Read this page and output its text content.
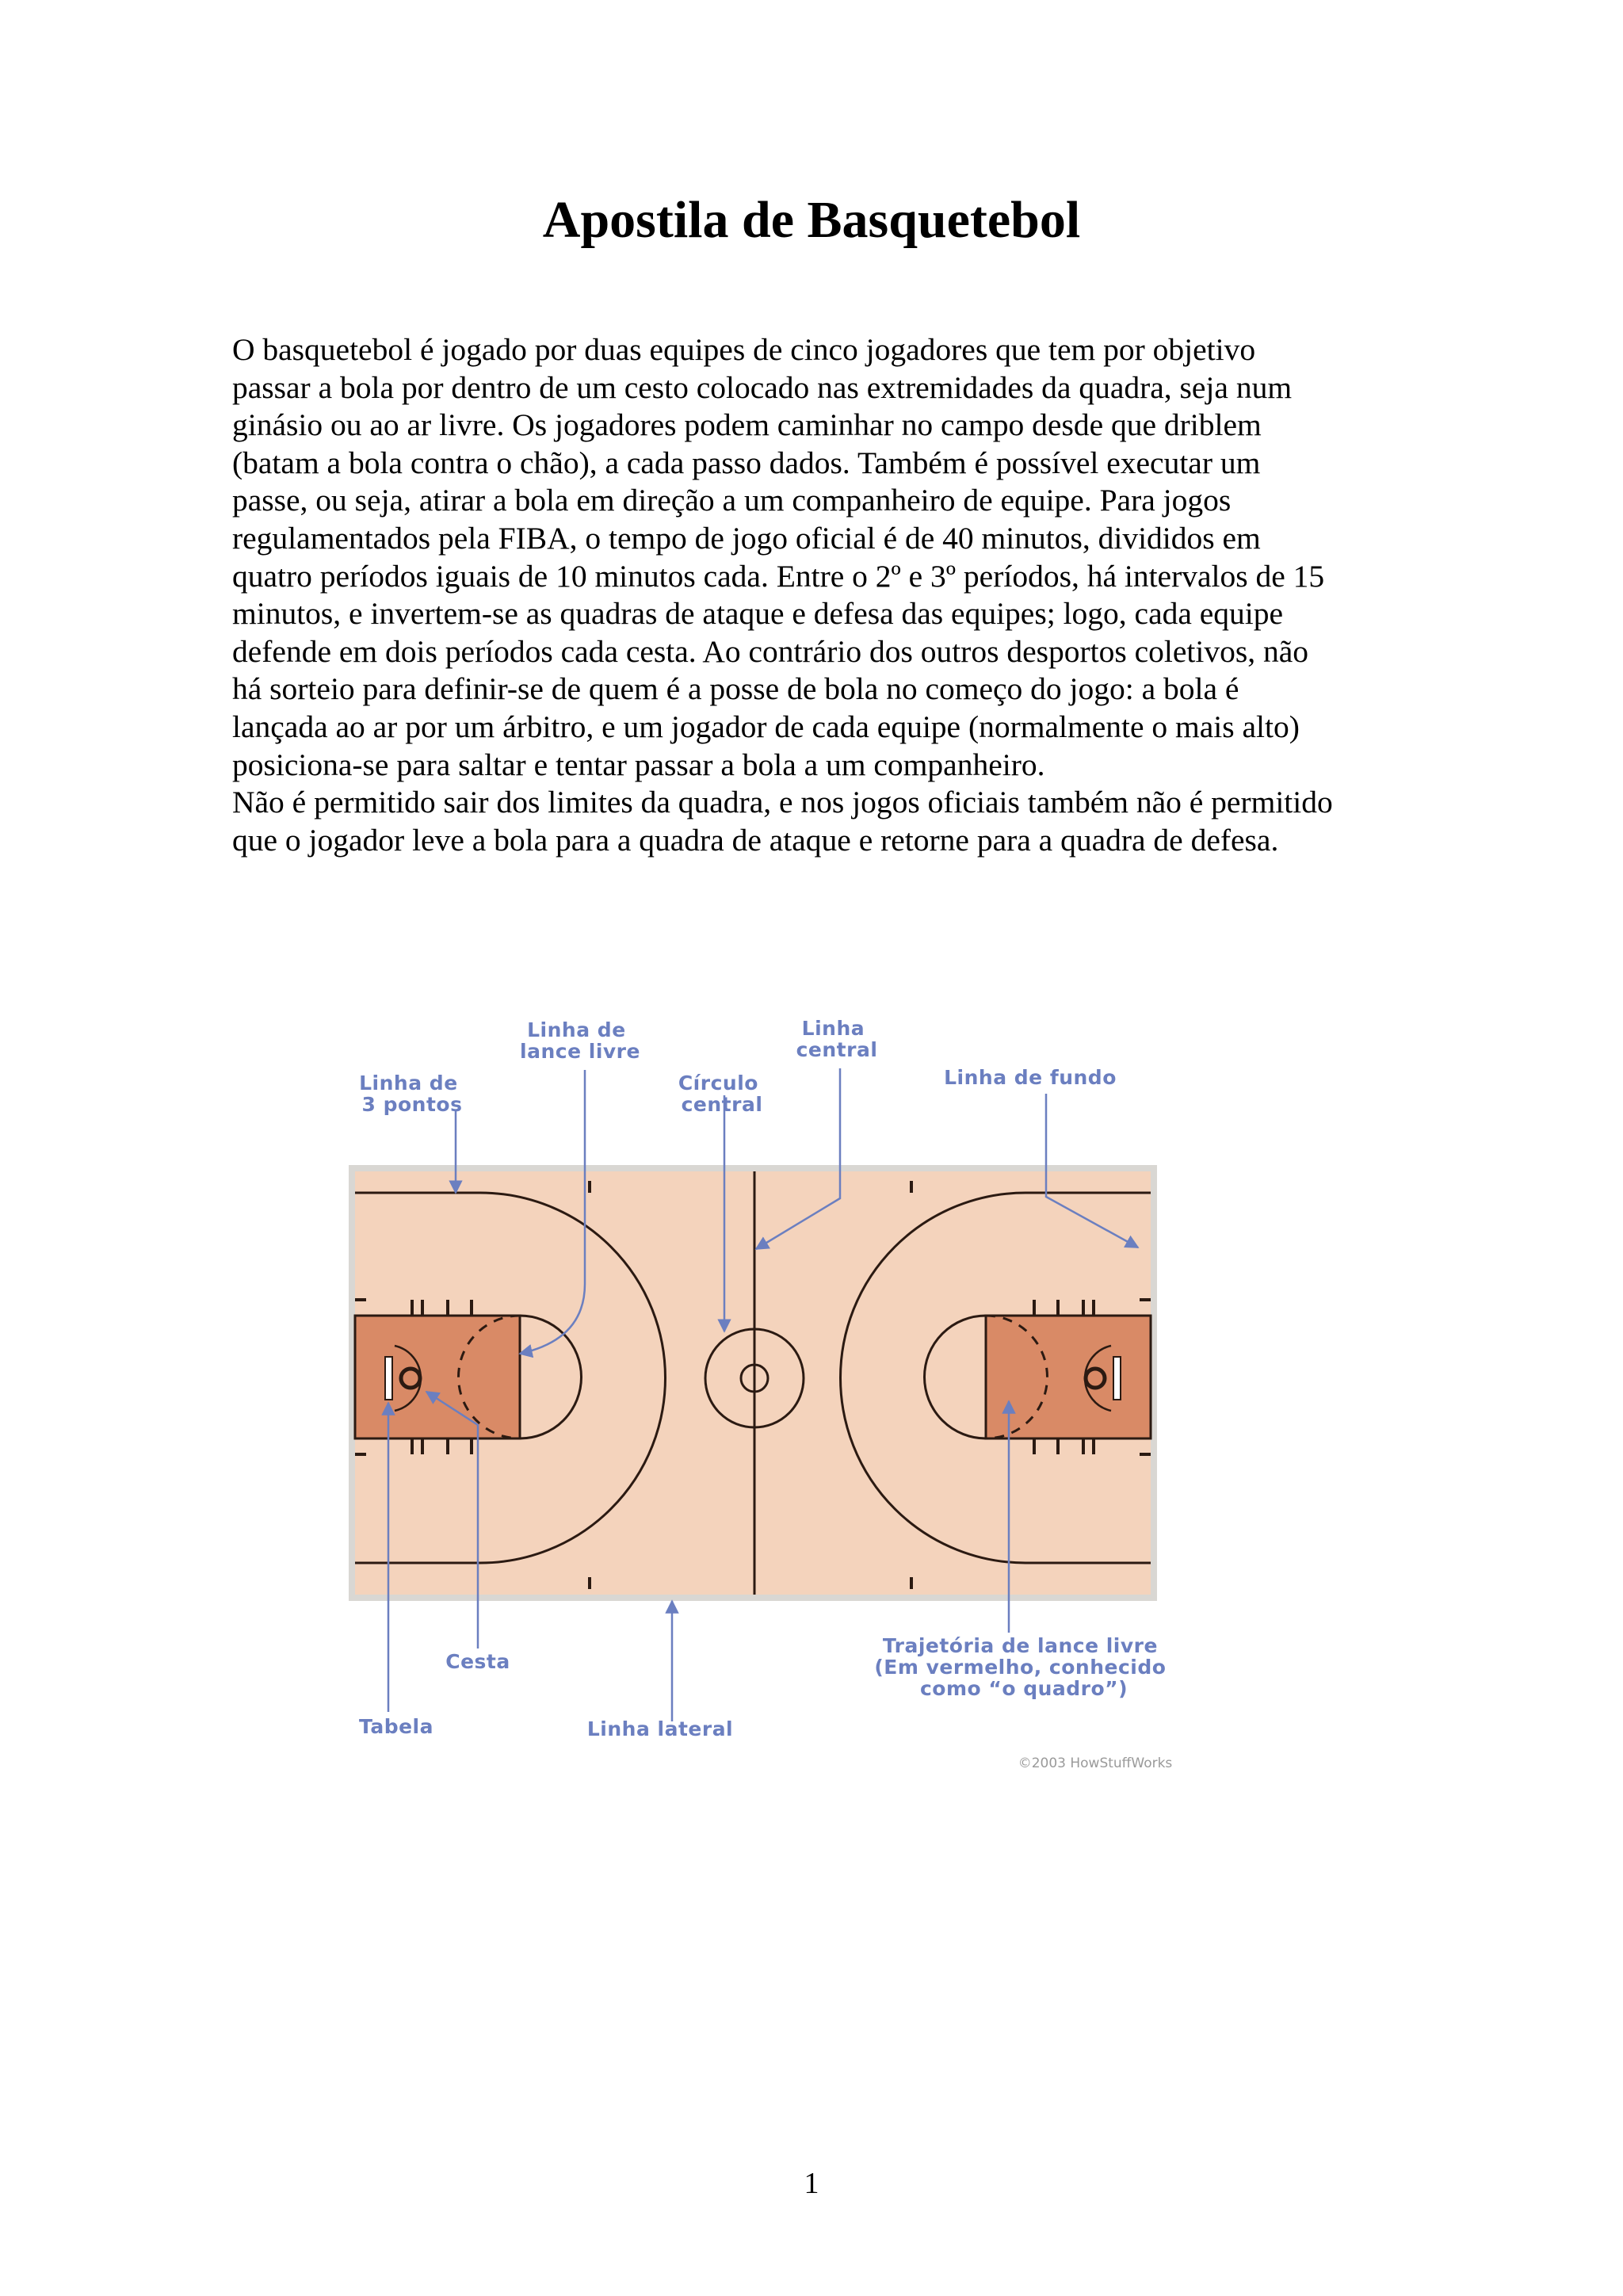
Apostila de Basquetebol

O basquetebol é jogado por duas equipes de cinco jogadores que tem por objetivo

passar a bola por dentro de um cesto colocado nas extremidades da quadra, seja num

ginásio ou ao ar livre. Os jogadores podem caminhar no campo desde que driblem

(batam a bola contra o chão), a cada passo dados. Também é possível executar um

passe, ou seja, atirar a bola em direção a um companheiro de equipe. Para jogos

regulamentados pela FIBA, o tempo de jogo oficial é de 40 minutos, divididos em

quatro períodos iguais de 10 minutos cada. Entre o 2º e 3º períodos, há intervalos de 15

minutos, e invertem-se as quadras de ataque e defesa das equipes; logo, cada equipe

defende em dois períodos cada cesta. Ao contrário dos outros desportos coletivos, não

há sorteio para definir-se de quem é a posse de bola no começo do jogo: a bola é

lançada ao ar por um árbitro, e um jogador de cada equipe (normalmente o mais alto)

posiciona-se para saltar e tentar passar a bola a um companheiro.

Não é permitido sair dos limites da quadra, e nos jogos oficiais também não é permitido

que o jogador leve a bola para a quadra de ataque e retorne para a quadra de defesa.

Linha de 3 pontos
Linha de lance livre
Círculo central
Linha central
Linha de fundo
Cesta
Tabela	Linha lateral
Trajetória de lance livre (Em vermelho, conhecido como “o quadro”)
©2003 HowStuffWorks

1
